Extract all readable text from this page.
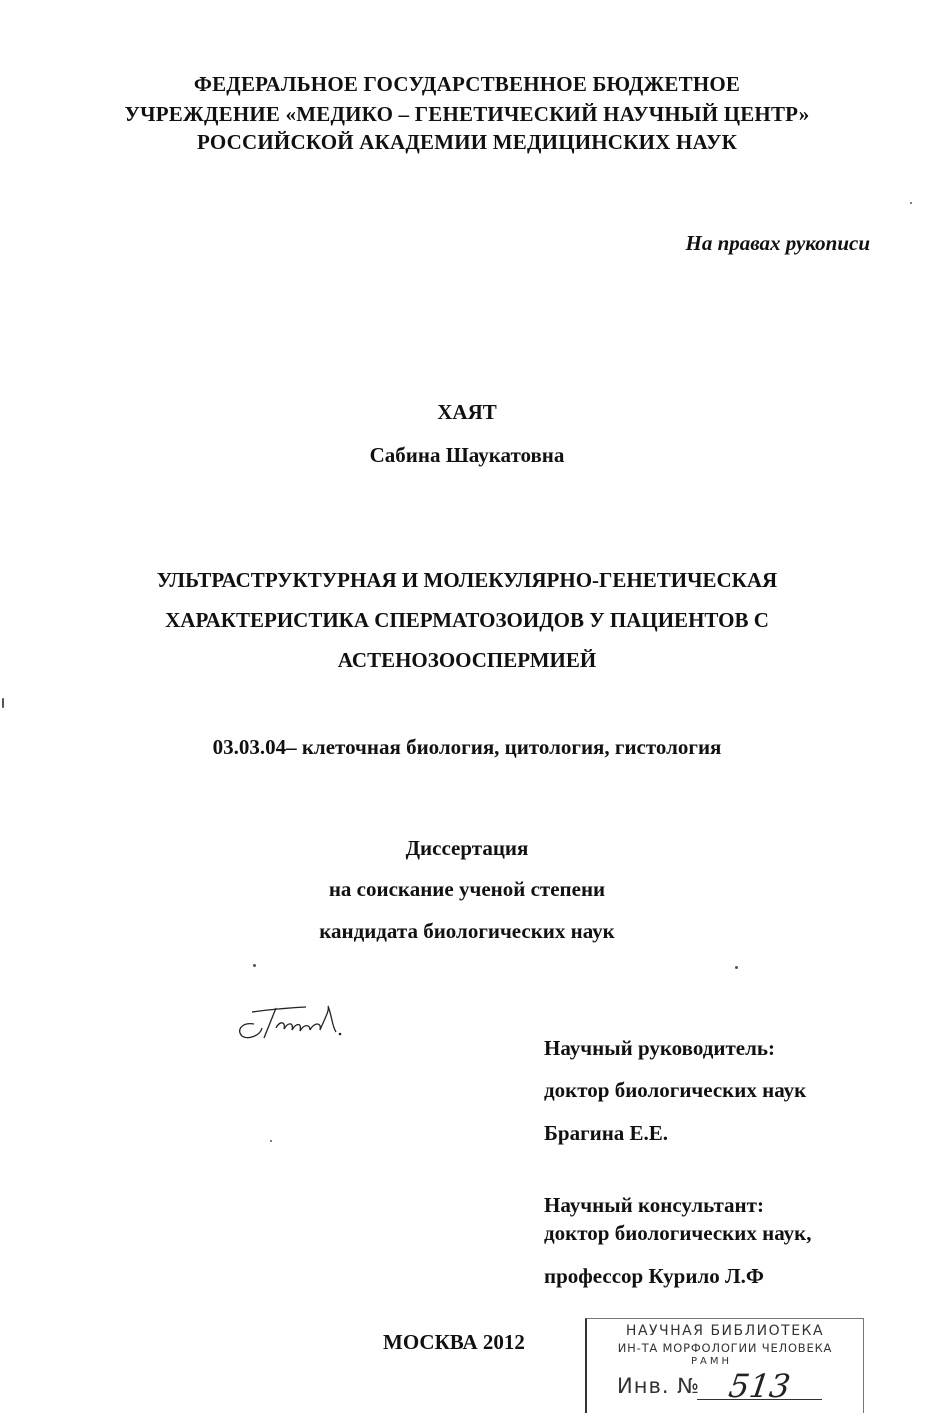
ФЕДЕРАЛЬНОЕ ГОСУДАРСТВЕННОЕ БЮДЖЕТНОЕ
УЧРЕЖДЕНИЕ «МЕДИКО – ГЕНЕТИЧЕСКИЙ НАУЧНЫЙ ЦЕНТР»
РОССИЙСКОЙ АКАДЕМИИ МЕДИЦИНСКИХ НАУК
На правах рукописи
ХАЯТ
Сабина Шаукатовна
УЛЬТРАСТРУКТУРНАЯ И МОЛЕКУЛЯРНО-ГЕНЕТИЧЕСКАЯ
ХАРАКТЕРИСТИКА СПЕРМАТОЗОИДОВ У ПАЦИЕНТОВ С
АСТЕНОЗООСПЕРМИЕЙ
03.03.04– клеточная биология, цитология, гистология
Диссертация
на соискание ученой степени
кандидата биологических наук
Научный руководитель:
доктор биологических наук
Брагина Е.Е.
Научный консультант:
доктор биологических наук,
профессор Курило Л.Ф
МОСКВА 2012	НАУЧНАЯ БИБЛИОТЕКА
ИН-ТА МОРФОЛОГИИ ЧЕЛОВЕКА
РАМН
Инв. № 513
